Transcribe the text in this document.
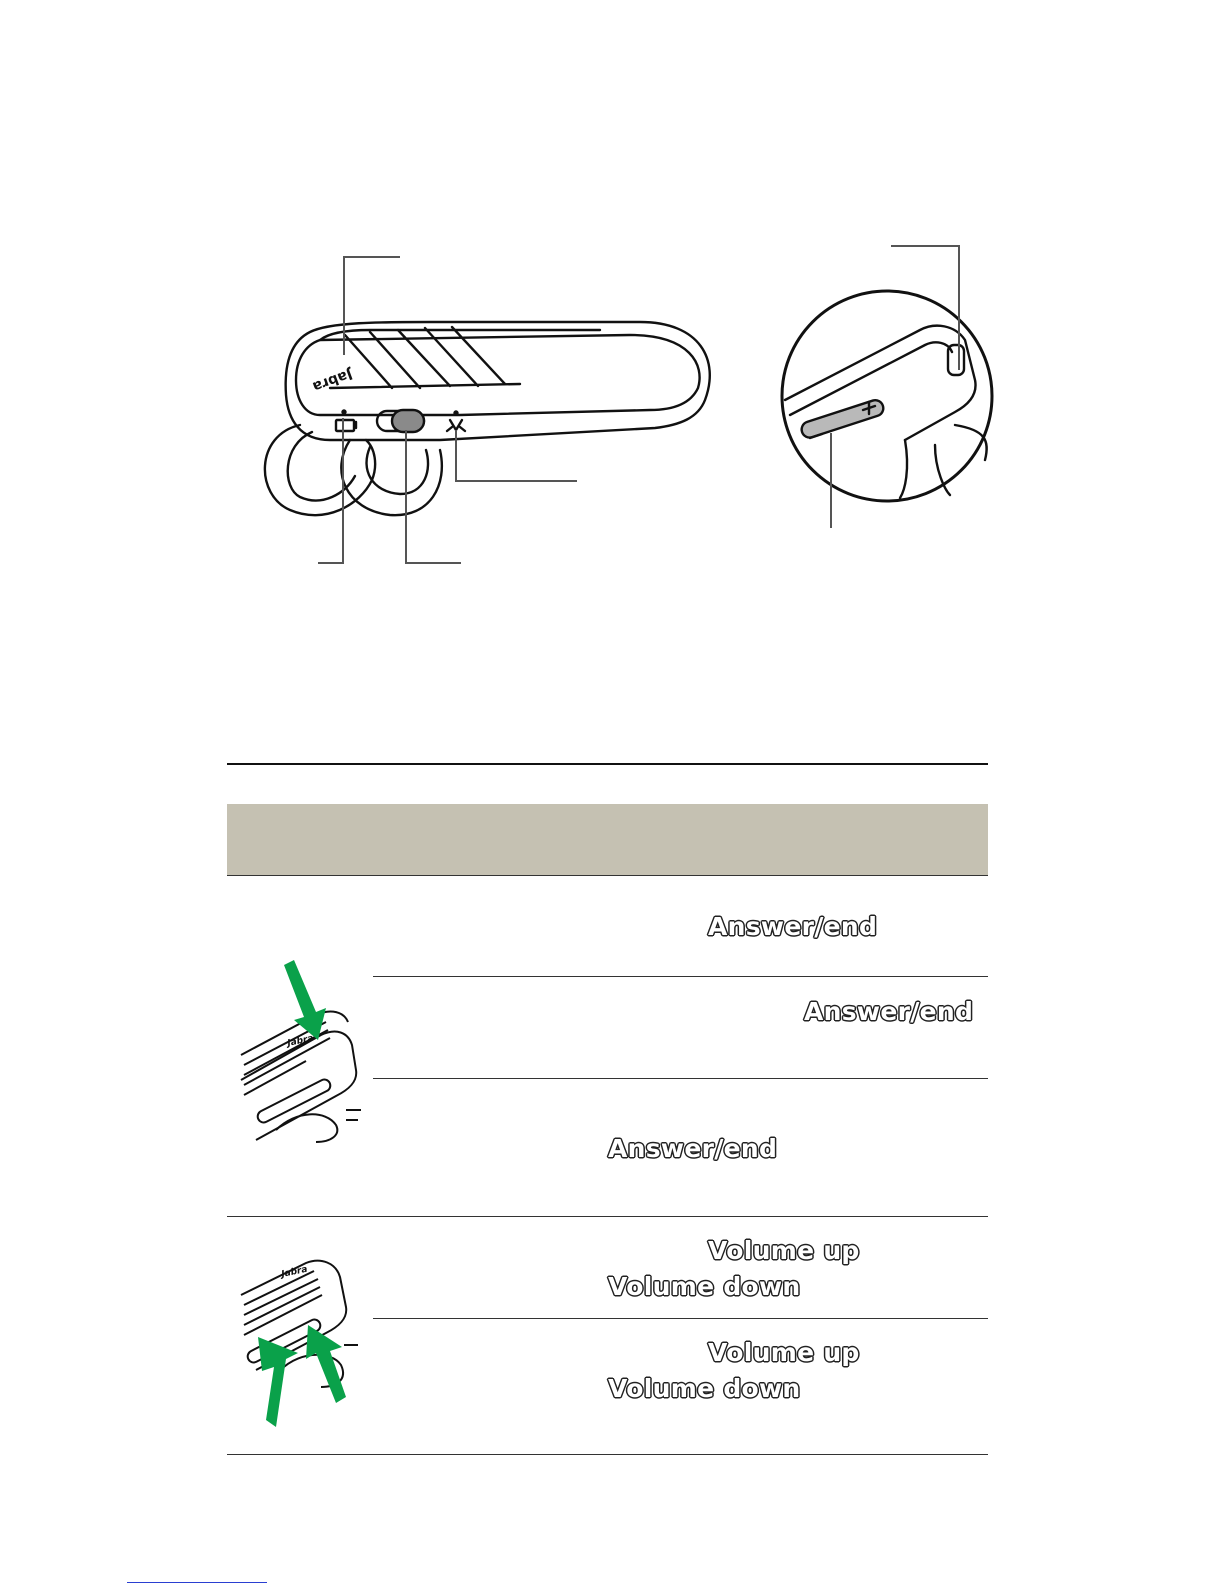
Jabra
Jabra
Answer/end
Answer/end
Answer/end
Jabra
Volume up
Volume down
Volume up
Volume down
